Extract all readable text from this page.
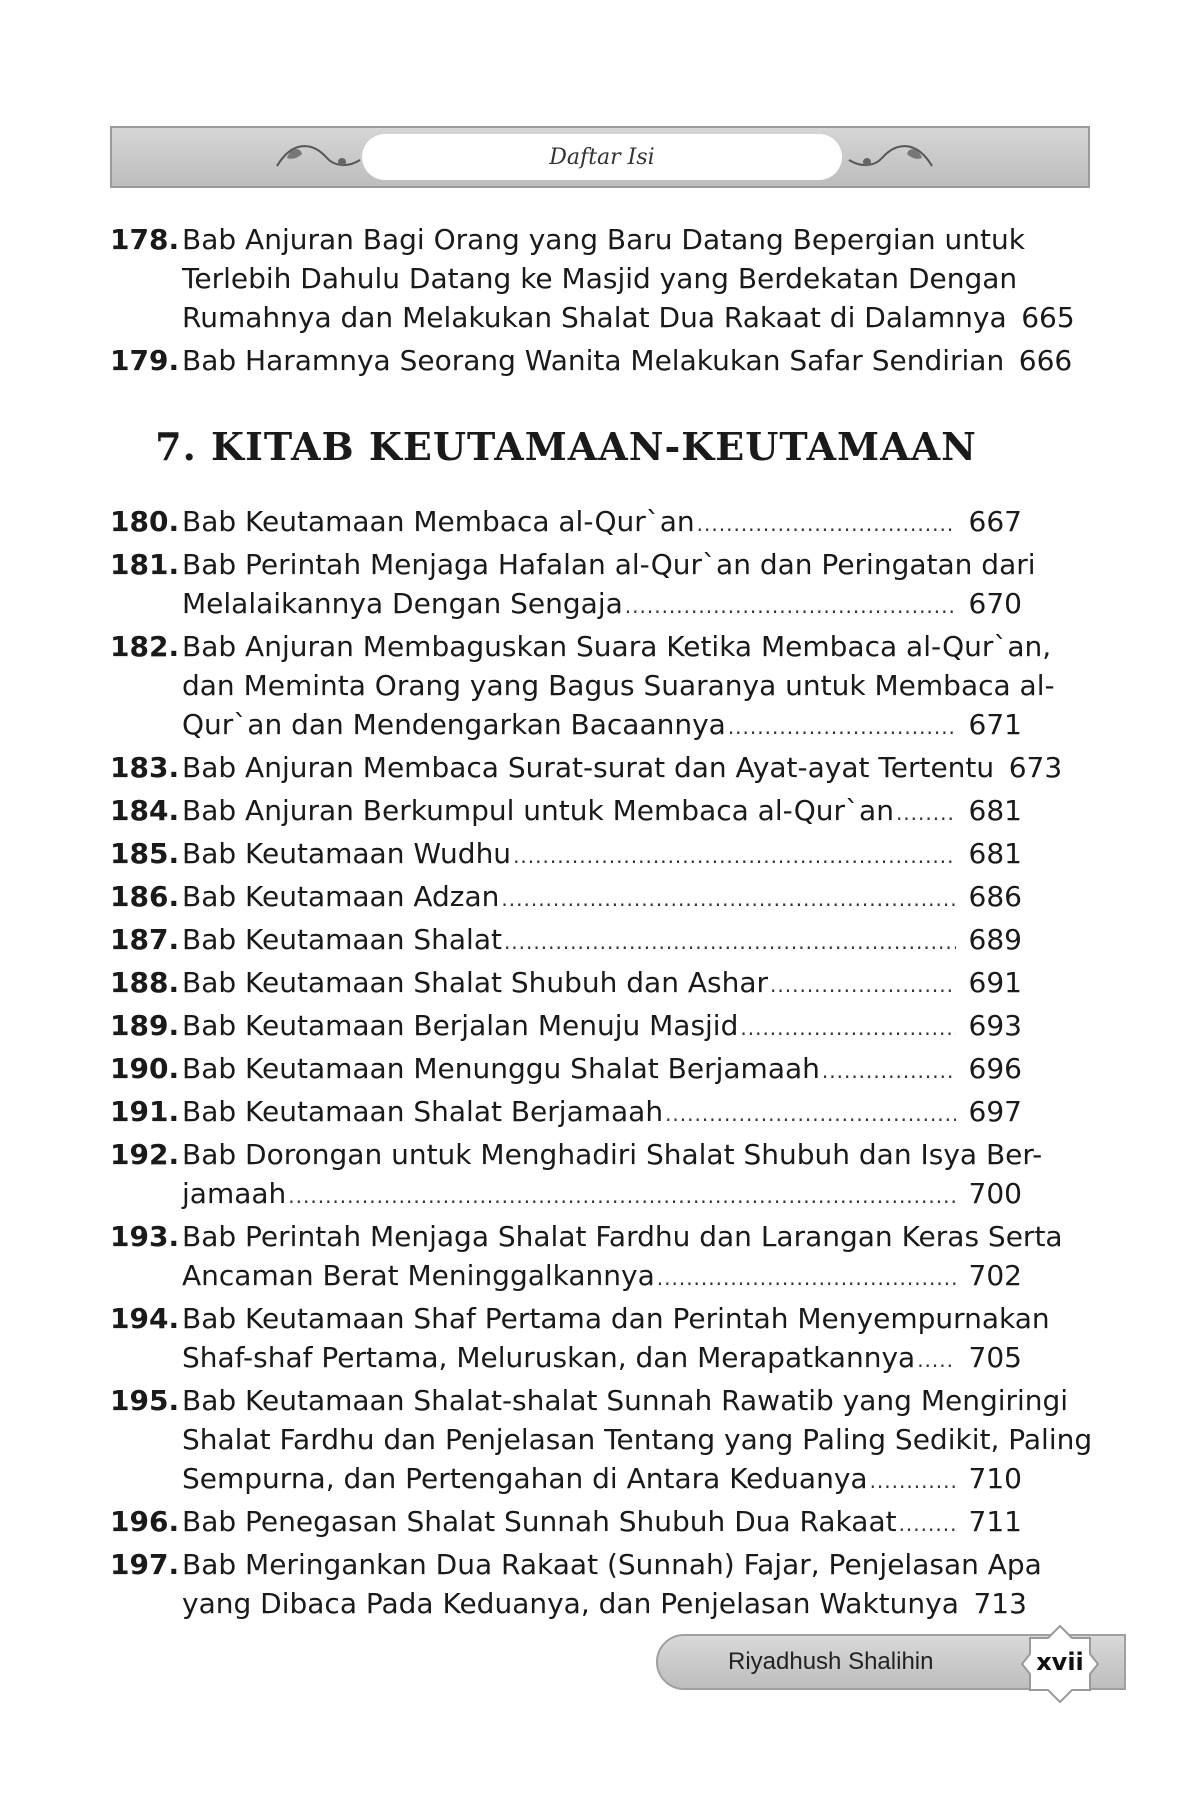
Daftar Isi
178. Bab Anjuran Bagi Orang yang Baru Datang Bepergian untuk
Terlebih Dahulu Datang ke Masjid yang Berdekatan Dengan
Rumahnya dan Melakukan Shalat Dua Rakaat di Dalamnya 665
179. Bab Haramnya Seorang Wanita Melakukan Safar Sendirian 666
7. KITAB KEUTAMAAN-KEUTAMAAN
180. Bab Keutamaan Membaca al-Qur`an .....	667
181. Bab Perintah Menjaga Hafalan al-Qur`an dan Peringatan dari
Melalaikannya Dengan Sengaja .....	670
182. Bab Anjuran Membaguskan Suara Ketika Membaca al-Qur`an,
dan Meminta Orang yang Bagus Suaranya untuk Membaca al-
Qur`an dan Mendengarkan Bacaannya .....	671
183. Bab Anjuran Membaca Surat-surat dan Ayat-ayat Tertentu 673
184. Bab Anjuran Berkumpul untuk Membaca al-Qur`an .....	681
185. Bab Keutamaan Wudhu .....	681
186. Bab Keutamaan Adzan .....	686
187. Bab Keutamaan Shalat .....	689
188. Bab Keutamaan Shalat Shubuh dan Ashar .....	691
189. Bab Keutamaan Berjalan Menuju Masjid .....	693
190. Bab Keutamaan Menunggu Shalat Berjamaah .....	696
191. Bab Keutamaan Shalat Berjamaah .....	697
192. Bab Dorongan untuk Menghadiri Shalat Shubuh dan Isya Ber-
jamaah .....	700
193. Bab Perintah Menjaga Shalat Fardhu dan Larangan Keras Serta
Ancaman Berat Meninggalkannya .....	702
194. Bab Keutamaan Shaf Pertama dan Perintah Menyempurnakan
Shaf-shaf Pertama, Meluruskan, dan Merapatkannya ..... 705
195. Bab Keutamaan Shalat-shalat Sunnah Rawatib yang Mengiringi
Shalat Fardhu dan Penjelasan Tentang yang Paling Sedikit, Paling
Sempurna, dan Pertengahan di Antara Keduanya .....	710
196. Bab Penegasan Shalat Sunnah Shubuh Dua Rakaat .....	711
197. Bab Meringankan Dua Rakaat (Sunnah) Fajar, Penjelasan Apa
yang Dibaca Pada Keduanya, dan Penjelasan Waktunya 713
Riyadhush Shalihin	xvii
